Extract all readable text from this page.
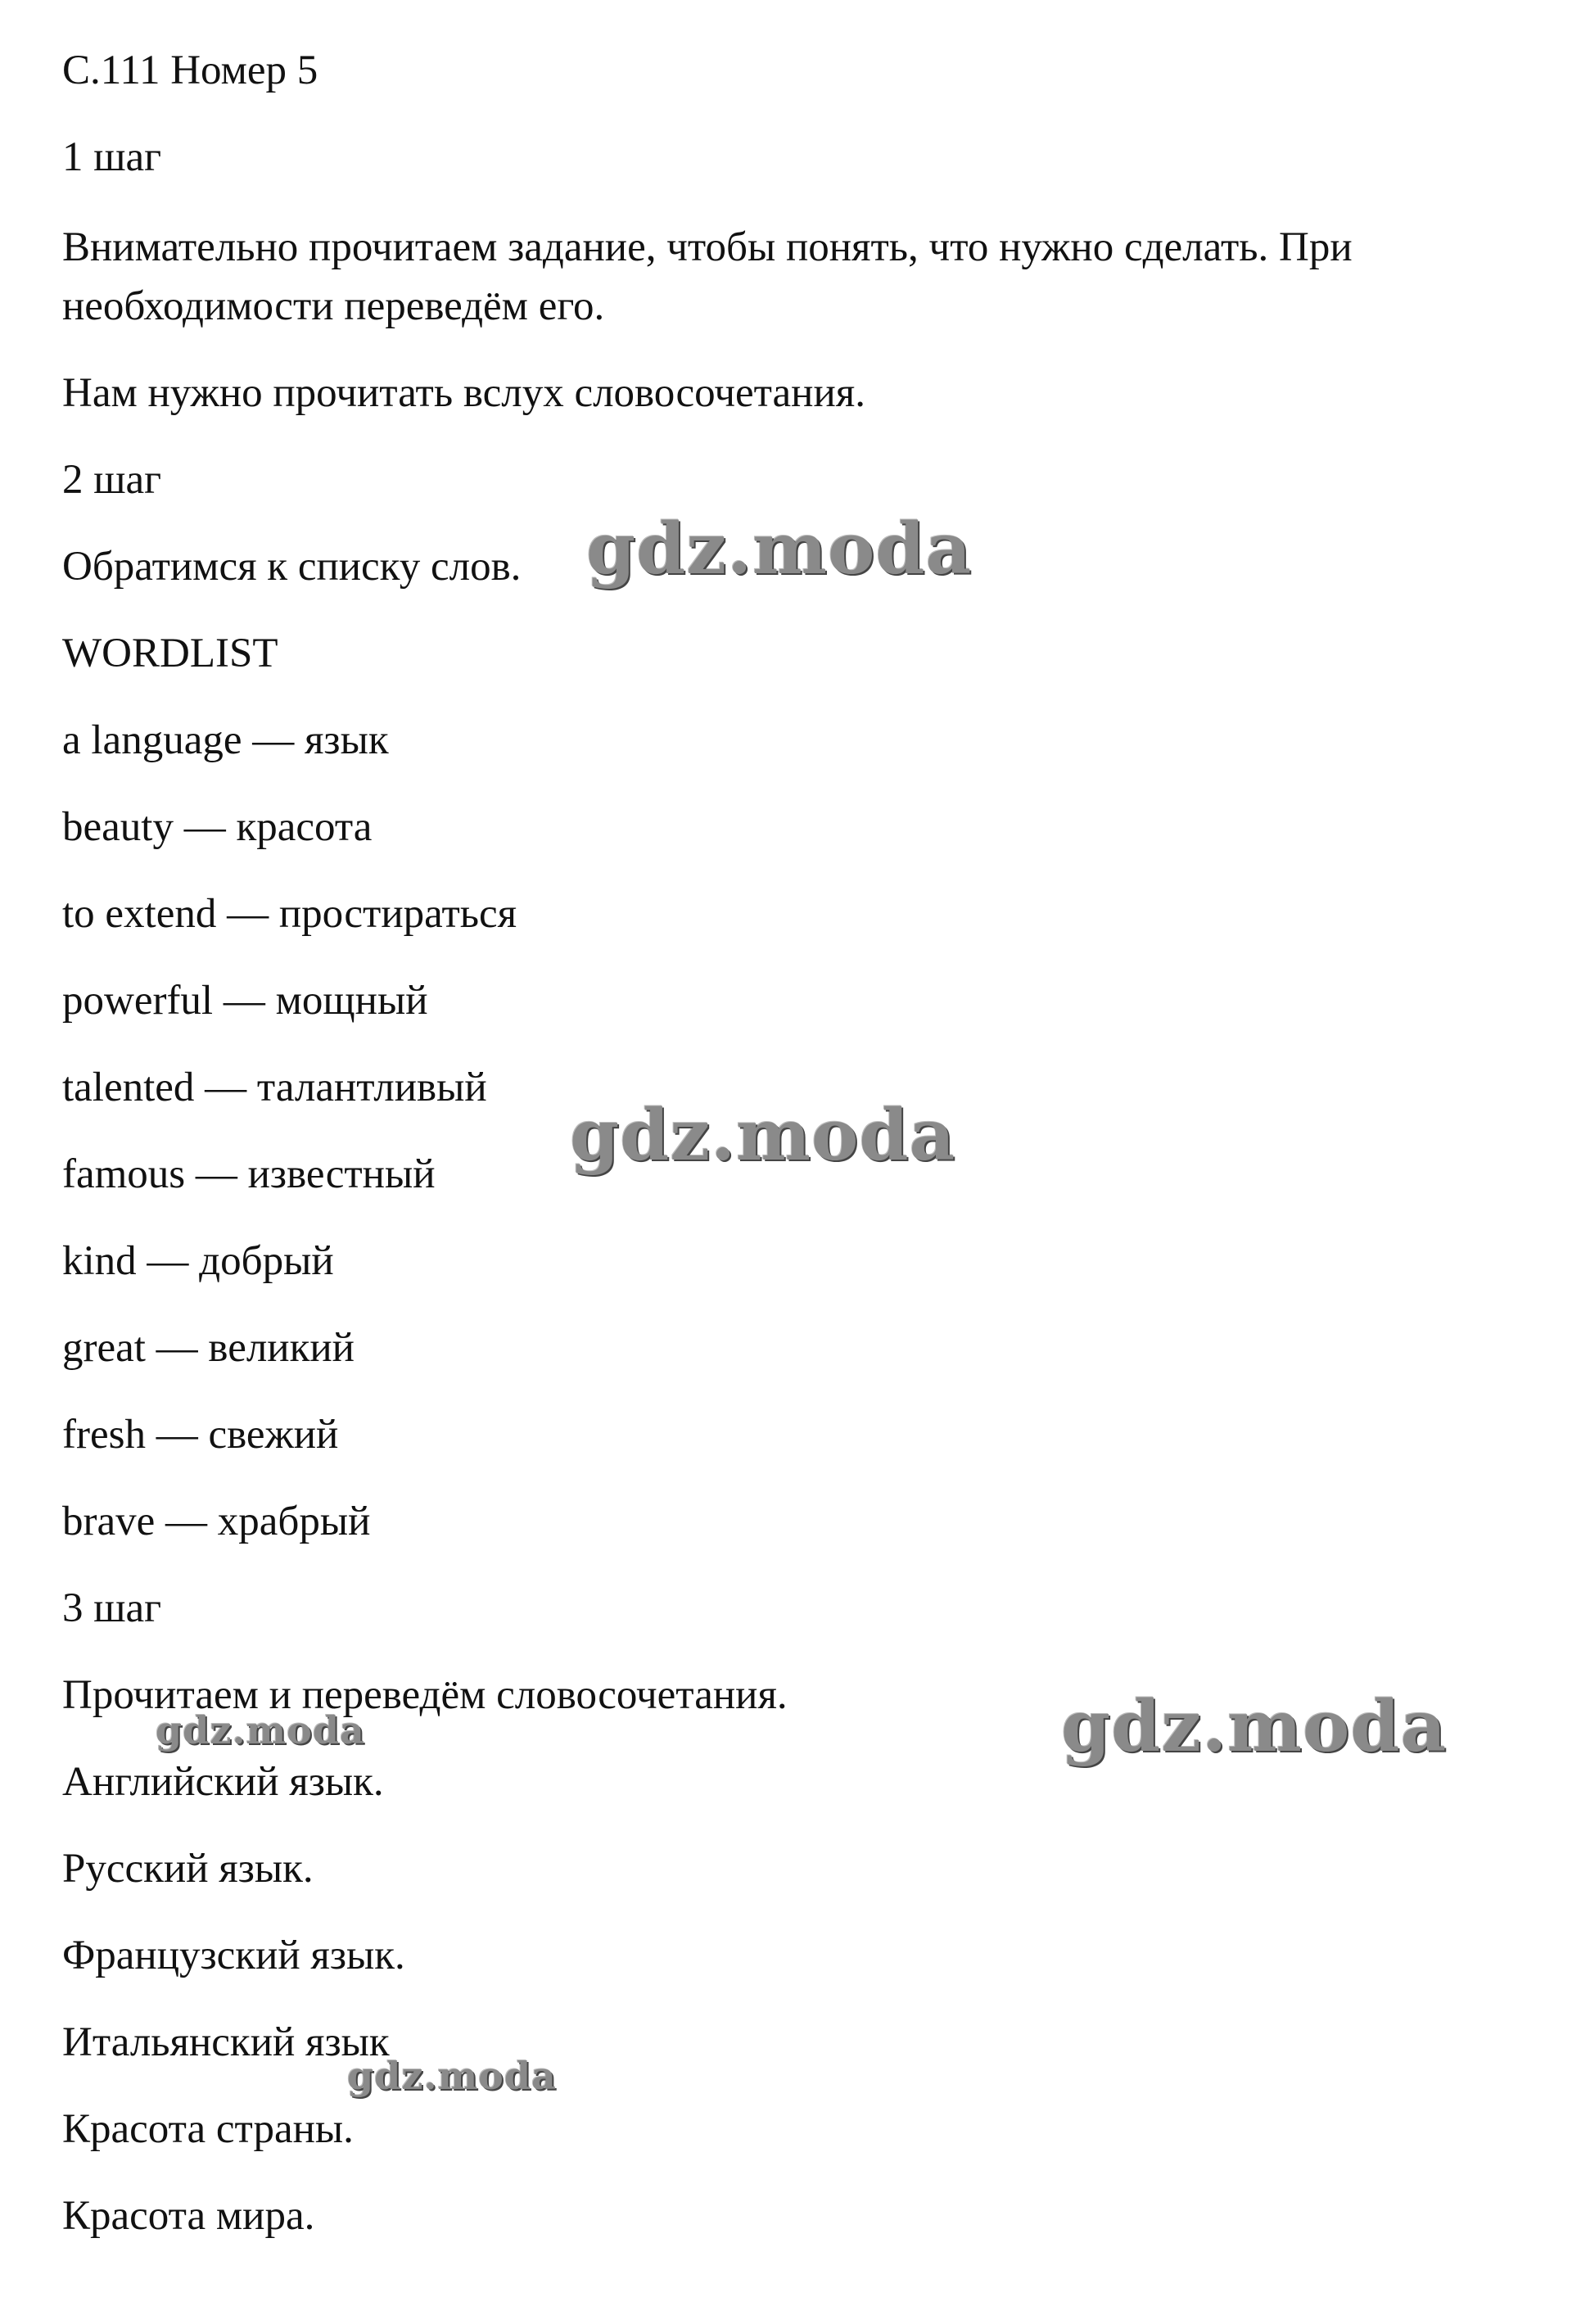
С.111 Номер 5

1 шаг

Внимательно прочитаем задание, чтобы понять, что нужно сделать. При необходимости переведём его.

Нам нужно прочитать вслух словосочетания.

2 шаг

Обратимся к списку слов.

WORDLIST

a language — язык

beauty — красота

to extend — простираться

powerful — мощный

talented — талантливый

famous — известный

kind — добрый

great — великий

fresh — свежий

brave — храбрый

3 шаг

Прочитаем и переведём словосочетания.

Английский язык.

Русский язык.

Французский язык.

Итальянский язык

Красота страны.

Красота мира.

gdz.moda
gdz.moda
gdz.moda
gdz.moda
gdz.moda
